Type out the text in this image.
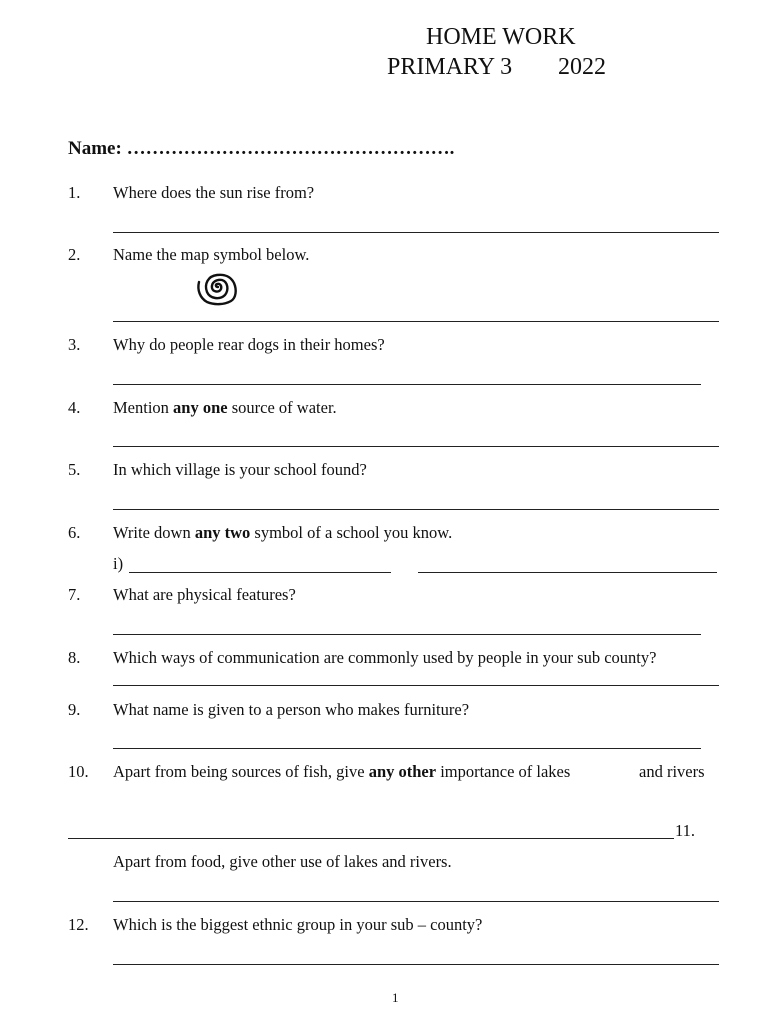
HOME WORK
PRIMARY 3 2022
Name: …………………………………………….
1. Where does the sun rise from?
2. Name the map symbol below.
3. Why do people rear dogs in their homes?
4. Mention any one source of water.
5. In which village is your school found?
6. Write down any two symbol of a school you know.
i)
7. What are physical features?
8. Which ways of communication are commonly used by people in your sub county?
9. What name is given to a person who makes furniture?
10. Apart from being sources of fish, give any other importance of lakes	and rivers
11.
Apart from food, give other use of lakes and rivers.
12. Which is the biggest ethnic group in your sub – county?
1
